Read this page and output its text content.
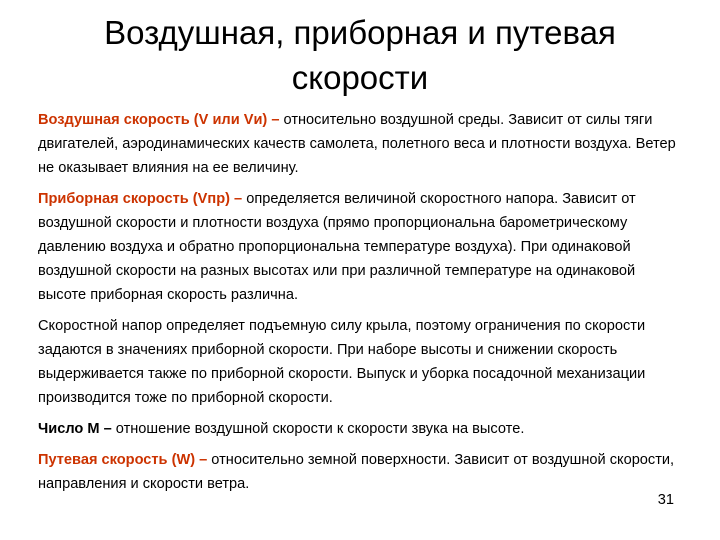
Воздушная, приборная и путевая
скорости

Воздушная скорость (V или Vи) – относительно воздушной среды. Зависит от силы тяги двигателей, аэродинамических качеств самолета, полетного веса и плотности воздуха. Ветер не оказывает влияния на ее величину.

Приборная скорость (Vпр) – определяется величиной скоростного напора. Зависит от воздушной скорости и плотности воздуха (прямо пропорциональна барометрическому давлению воздуха и обратно пропорциональна температуре воздуха). При одинаковой воздушной скорости на разных высотах или при различной температуре на одинаковой высоте приборная скорость различна.

Скоростной напор определяет подъемную силу крыла, поэтому ограничения по скорости задаются в значениях приборной скорости. При наборе высоты и снижении скорость выдерживается также по приборной скорости. Выпуск и уборка посадочной механизации производится тоже по приборной скорости.

Число М – отношение воздушной скорости к скорости звука на высоте.

Путевая скорость (W) – относительно земной поверхности. Зависит от воздушной скорости, направления и скорости ветра.

31
